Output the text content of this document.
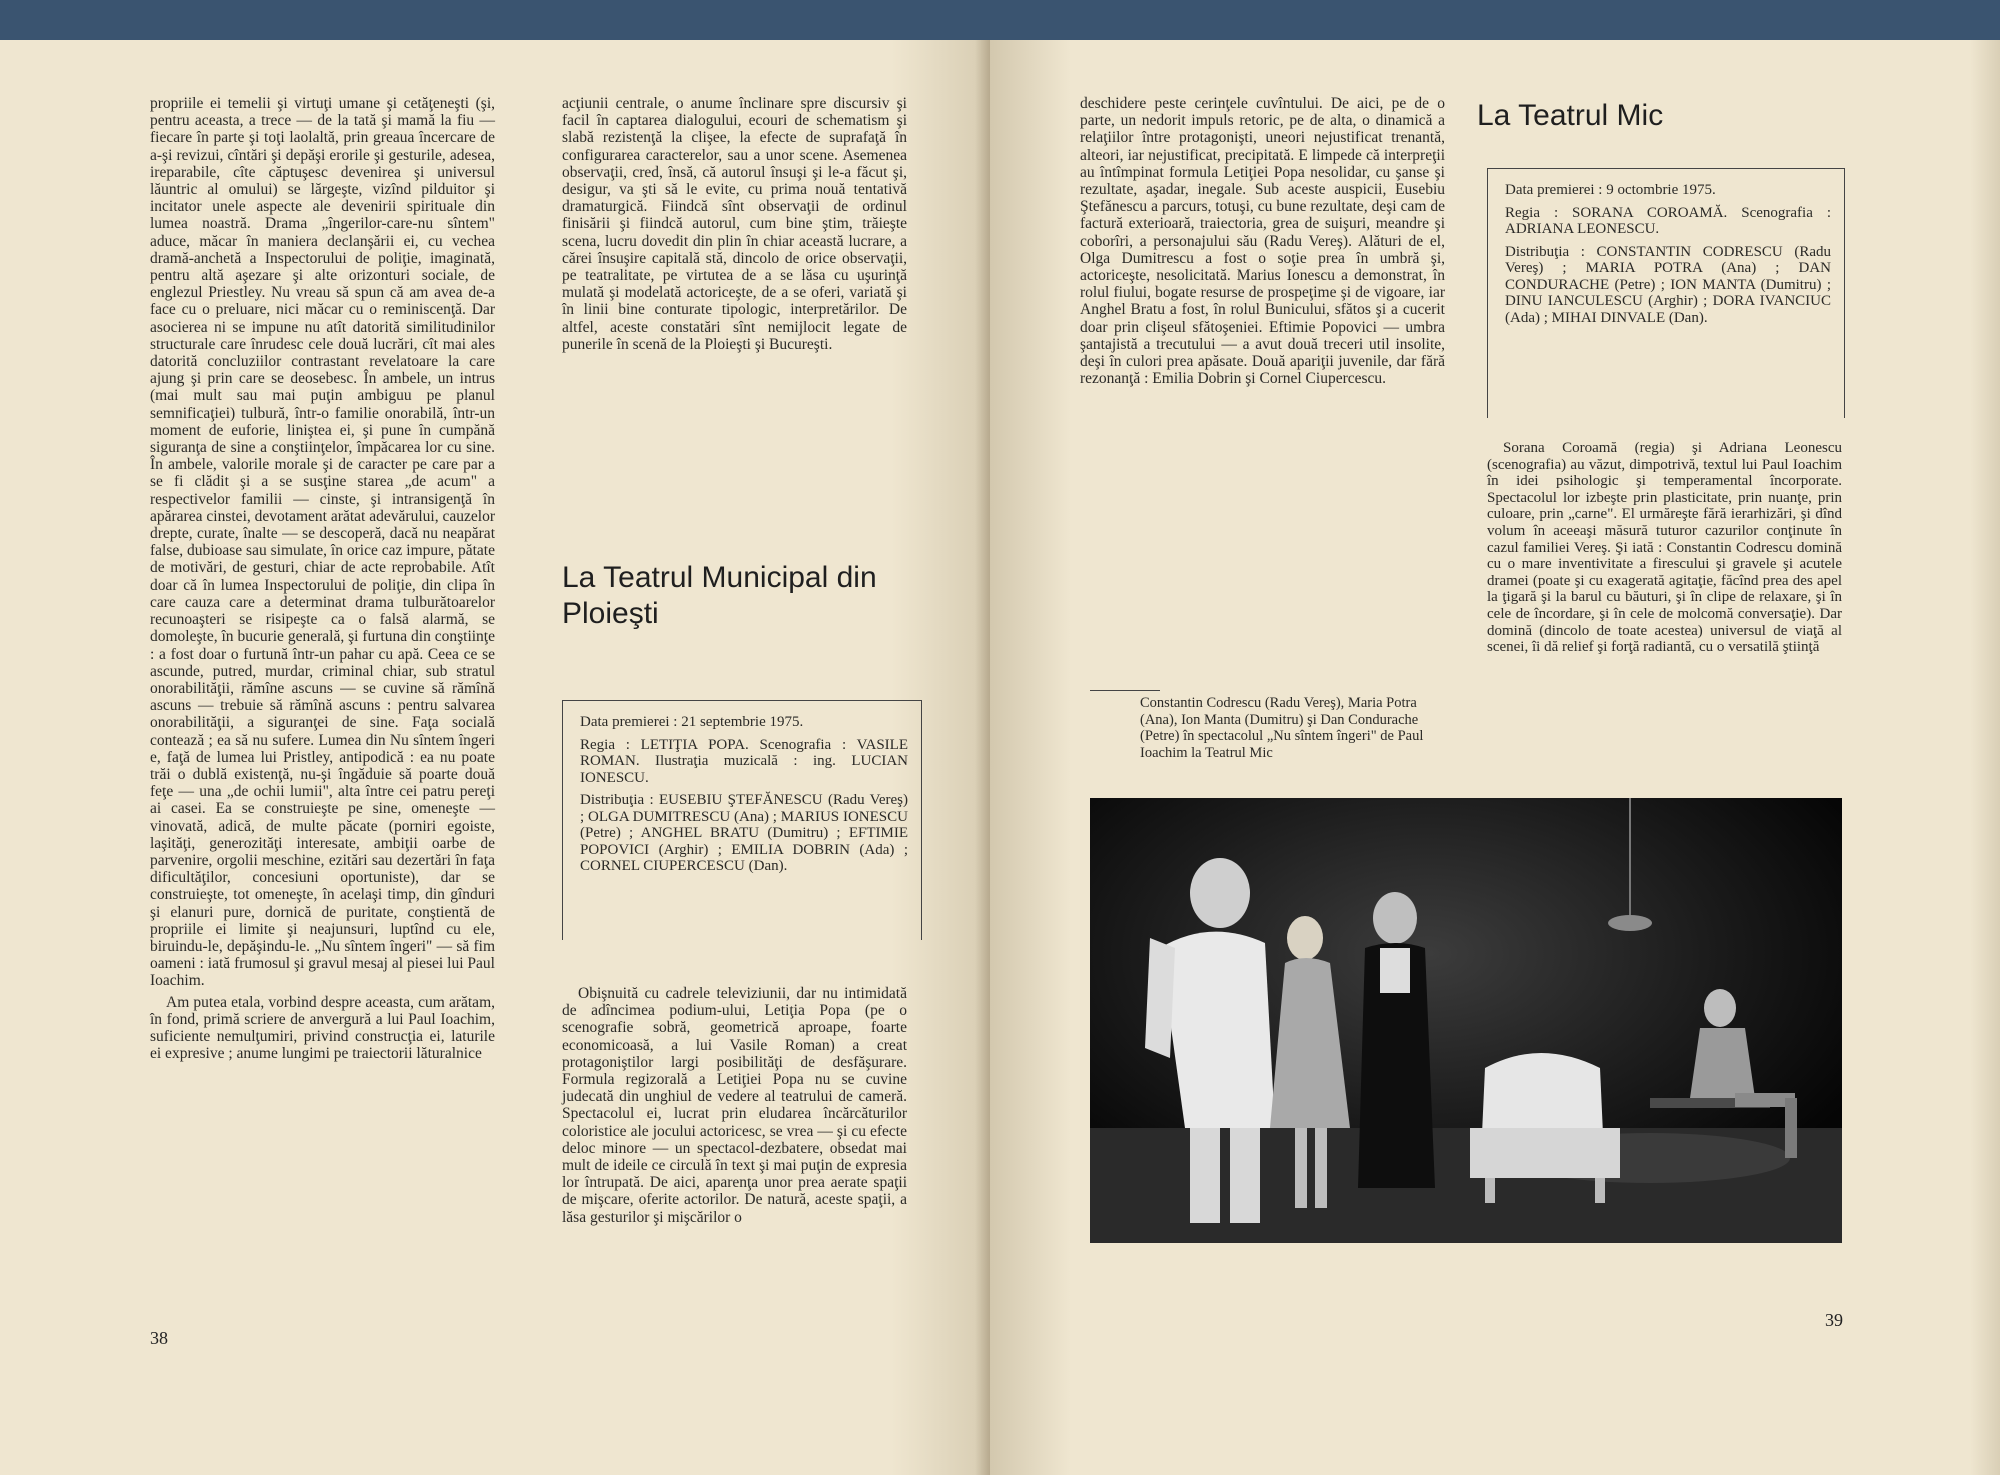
propriile ei temelii şi virtuţi umane şi cetăţeneşti (şi, pentru aceasta, a trece — de la tată şi mamă la fiu — fiecare în parte şi toţi laolaltă, prin greaua încercare de a-şi revizui, cîntări şi depăşi erorile şi gesturile, adesea, ireparabile, cîte căptuşesc devenirea şi universul lăuntric al omului) se lărgeşte, vizînd pilduitor şi incitator unele aspecte ale devenirii spirituale din lumea noastră. Drama „îngerilor-care-nu sîntem" aduce, măcar în maniera declanşării ei, cu vechea dramă-anchetă a Inspectorului de poliţie, imaginată, pentru altă aşezare şi alte orizonturi sociale, de englezul Priestley. Nu vreau să spun că am avea de-a face cu o preluare, nici măcar cu o reminiscenţă. Dar asocierea ni se impune nu atît datorită similitudinilor structurale care înrudesc cele două lucrări, cît mai ales datorită concluziilor contrastant revelatoare la care ajung şi prin care se deosebesc. În ambele, un intrus (mai mult sau mai puţin ambiguu pe planul semnificaţiei) tulbură, într-o familie onorabilă, într-un moment de euforie, liniştea ei, şi pune în cumpănă siguranţa de sine a conştiinţelor, împăcarea lor cu sine. În ambele, valorile morale şi de caracter pe care par a se fi clădit şi a se susţine starea „de acum" a respectivelor familii — cinste, şi intransigenţă în apărarea cinstei, devotament arătat adevărului, cauzelor drepte, curate, înalte — se descoperă, dacă nu neapărat false, dubioase sau simulate, în orice caz impure, pătate de motivări, de gesturi, chiar de acte reprobabile. Atît doar că în lumea Inspectorului de poliţie, din clipa în care cauza care a determinat drama tulburătoarelor recunoaşteri se risipeşte ca o falsă alarmă, se domoleşte, în bucurie generală, şi furtuna din conştiinţe : a fost doar o furtună într-un pahar cu apă. Ceea ce se ascunde, putred, murdar, criminal chiar, sub stratul onorabilităţii, rămîne ascuns — se cuvine să rămînă ascuns — trebuie să rămînă ascuns : pentru salvarea onorabilităţii, a siguranţei de sine. Faţa socială contează ; ea să nu sufere. Lumea din Nu sîntem îngeri e, faţă de lumea lui Pristley, antipodică : ea nu poate trăi o dublă existenţă, nu-şi îngăduie să poarte două feţe — una „de ochii lumii", alta între cei patru pereţi ai casei. Ea se construieşte pe sine, omeneşte — vinovată, adică, de multe păcate (porniri egoiste, laşităţi, generozităţi interesate, ambiţii oarbe de parvenire, orgolii meschine, ezitări sau dezertări în faţa dificultăţilor, concesiuni oportuniste), dar se construieşte, tot omeneşte, în acelaşi timp, din gînduri şi elanuri pure, dornică de puritate, conştientă de propriile ei limite şi neajunsuri, luptînd cu ele, biruindu-le, depăşindu-le. „Nu sîntem îngeri" — să fim oameni : iată frumosul şi gravul mesaj al piesei lui Paul Ioachim.

Am putea etala, vorbind despre aceasta, cum arătam, în fond, primă scriere de anvergură a lui Paul Ioachim, suficiente nemulţumiri, privind construcţia ei, laturile ei expresive ; anume lungimi pe traiectorii lăturalnice

acţiunii centrale, o anume înclinare spre discursiv şi facil în captarea dialogului, ecouri de schematism şi slabă rezistenţă la clişee, la efecte de suprafaţă în configurarea caracterelor, sau a unor scene. Asemenea observaţii, cred, însă, că autorul însuşi şi le-a făcut şi, desigur, va şti să le evite, cu prima nouă tentativă dramaturgică. Fiindcă sînt observaţii de ordinul finisării şi fiindcă autorul, cum bine ştim, trăieşte scena, lucru dovedit din plin în chiar această lucrare, a cărei însuşire capitală stă, dincolo de orice observaţii, pe teatralitate, pe virtutea de a se lăsa cu uşurinţă mulată şi modelată actoriceşte, de a se oferi, variată şi în linii bine conturate tipologic, interpretărilor. De altfel, aceste constatări sînt nemijlocit legate de punerile în scenă de la Ploieşti şi Bucureşti.

La Teatrul Municipal din Ploieşti

Data premierei : 21 septembrie 1975.

Regia : LETIŢIA POPA. Scenografia : VASILE ROMAN. Ilustraţia muzicală : ing. LUCIAN IONESCU.

Distribuţia : EUSEBIU ŞTEFĂNESCU (Radu Vereş) ; OLGA DUMITRESCU (Ana) ; MARIUS IONESCU (Petre) ; ANGHEL BRATU (Dumitru) ; EFTIMIE POPOVICI (Arghir) ; EMILIA DOBRIN (Ada) ; CORNEL CIUPERCESCU (Dan).

Obişnuită cu cadrele televiziunii, dar nu intimidată de adîncimea podium-ului, Letiţia Popa (pe o scenografie sobră, geometrică aproape, foarte economicoasă, a lui Vasile Roman) a creat protagoniştilor largi posibilităţi de desfăşurare. Formula regizorală a Letiţiei Popa nu se cuvine judecată din unghiul de vedere al teatrului de cameră. Spectacolul ei, lucrat prin eludarea încărcăturilor coloristice ale jocului actoricesc, se vrea — şi cu efecte deloc minore — un spectacol-dezbatere, obsedat mai mult de ideile ce circulă în text şi mai puţin de expresia lor întrupată. De aici, aparenţa unor prea aerate spaţii de mişcare, oferite actorilor. De natură, aceste spaţii, a lăsa gesturilor şi mişcărilor o

38

deschidere peste cerinţele cuvîntului. De aici, pe de o parte, un nedorit impuls retoric, pe de alta, o dinamică a relaţiilor între protagonişti, uneori nejustificat trenantă, alteori, iar nejustificat, precipitată. E limpede că interpreţii au întîmpinat formula Letiţiei Popa nesolidar, cu şanse şi rezultate, aşadar, inegale. Sub aceste auspicii, Eusebiu Ştefănescu a parcurs, totuşi, cu bune rezultate, deşi cam de factură exterioară, traiectoria, grea de suişuri, meandre şi coborîri, a personajului său (Radu Vereş). Alături de el, Olga Dumitrescu a fost o soţie prea în umbră şi, actoriceşte, nesolicitată. Marius Ionescu a demonstrat, în rolul fiului, bogate resurse de prospeţime şi de vigoare, iar Anghel Bratu a fost, în rolul Bunicului, sfătos şi a cucerit doar prin clişeul sfătoşeniei. Eftimie Popovici — umbra şantajistă a trecutului — a avut două treceri util insolite, deşi în culori prea apăsate. Două apariţii juvenile, dar fără rezonanţă : Emilia Dobrin şi Cornel Ciupercescu.

La Teatrul Mic

Data premierei : 9 octombrie 1975.

Regia : SORANA COROAMĂ. Scenografia : ADRIANA LEONESCU.

Distribuţia : CONSTANTIN CODRESCU (Radu Vereş) ; MARIA POTRA (Ana) ; DAN CONDURACHE (Petre) ; ION MANTA (Dumitru) ; DINU IANCULESCU (Arghir) ; DORA IVANCIUC (Ada) ; MIHAI DINVALE (Dan).

Sorana Coroamă (regia) şi Adriana Leonescu (scenografia) au văzut, dimpotrivă, textul lui Paul Ioachim în idei psihologic şi temperamental încorporate. Spectacolul lor izbeşte prin plasticitate, prin nuanţe, prin culoare, prin „carne". El urmăreşte fără ierarhizări, şi dînd volum în aceeaşi măsură tuturor cazurilor conţinute în cazul familiei Vereş. Şi iată : Constantin Codrescu domină cu o mare inventivitate a firescului şi gravele şi acutele dramei (poate şi cu exagerată agitaţie, făcînd prea des apel la ţigară şi la barul cu băuturi, şi în clipe de relaxare, şi în cele de încordare, şi în cele de molcomă conversaţie). Dar domină (dincolo de toate acestea) universul de viaţă al scenei, îi dă relief şi forţă radiantă, cu o versatilă ştiinţă

Constantin Codrescu (Radu Vereş), Maria Potra (Ana), Ion Manta (Dumitru) şi Dan Condurache (Petre) în spectacolul „Nu sîntem îngeri" de Paul Ioachim la Teatrul Mic
39
